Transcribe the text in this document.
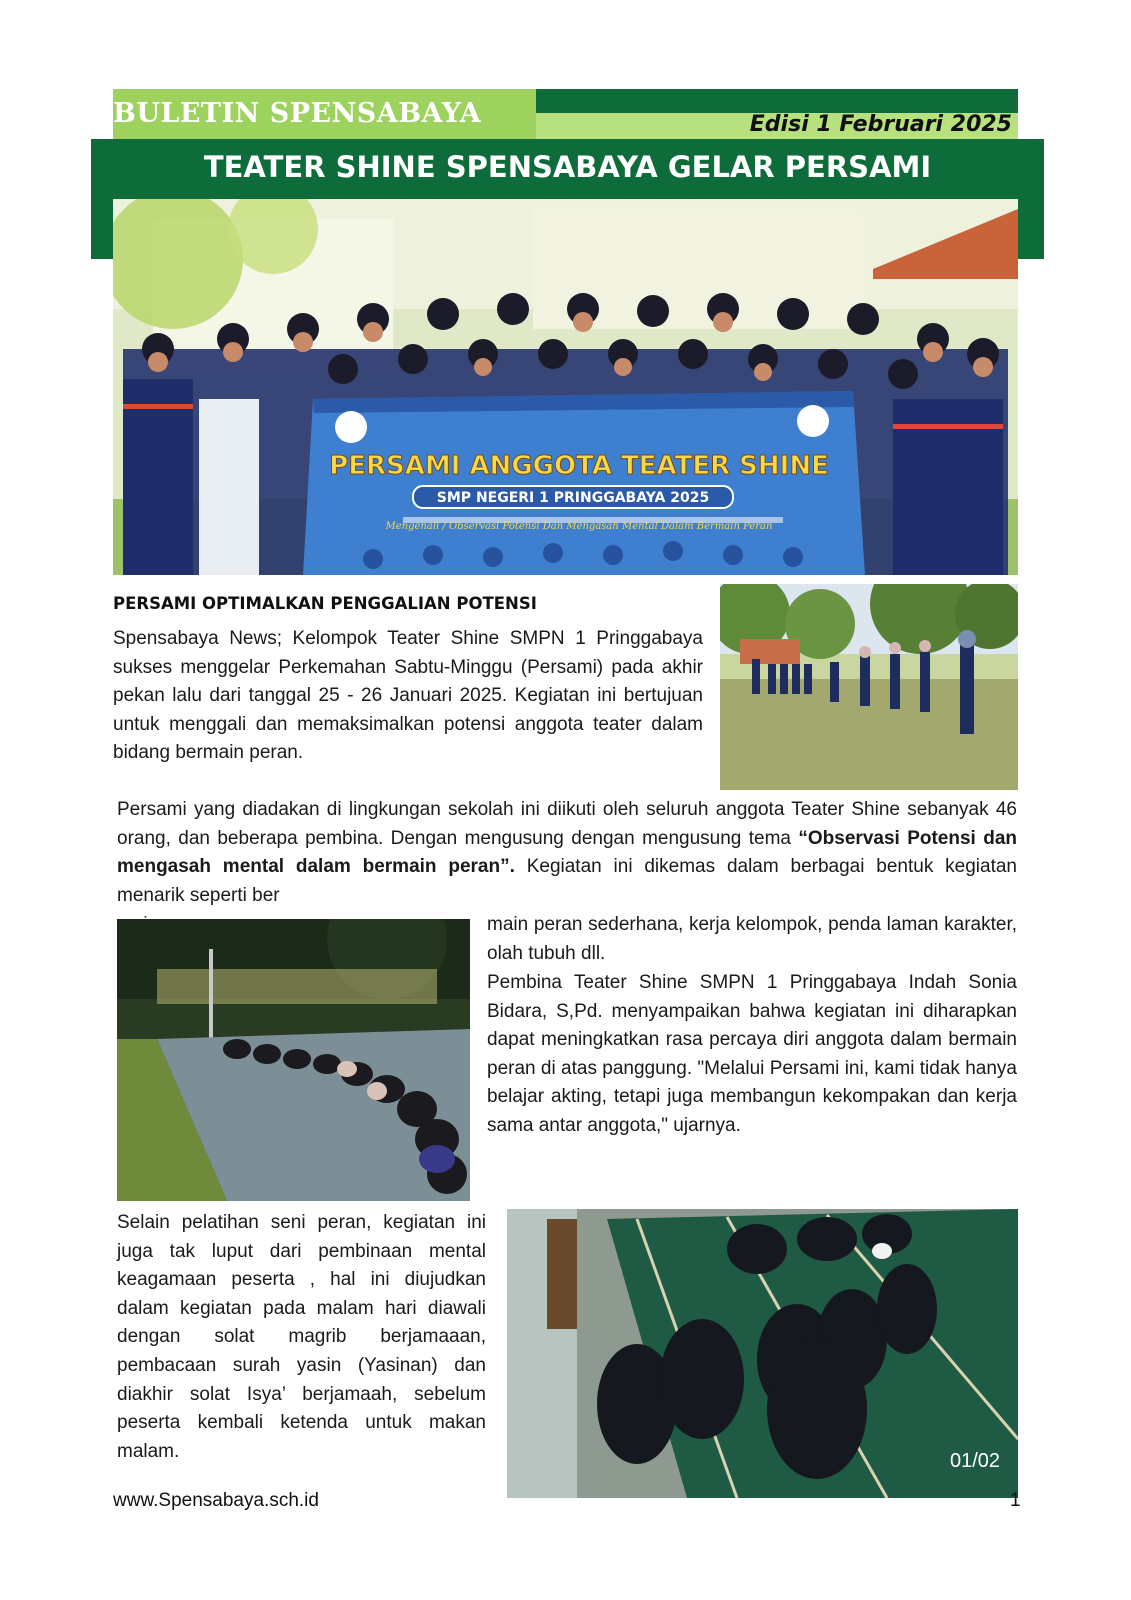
BULETIN SPENSABAYA	Edisi 1 Februari 2025
TEATER SHINE SPENSABAYA GELAR PERSAMI
PERSAMI ANGGOTA TEATER SHINE
SMP NEGERI 1 PRINGGABAYA 2025
Mengenali / Observasi Potensi Dan Mengasah Mental Dalam Bermain Peran
PERSAMI OPTIMALKAN PENGGALIAN POTENSI

Spensabaya News; Kelompok Teater Shine SMPN 1 Pringgabaya sukses menggelar Perkemahan Sabtu-Minggu (Persami) pada akhir pekan lalu dari tanggal 25 - 26 Januari 2025. Kegiatan ini bertujuan untuk menggali dan memaksimalkan potensi anggota teater dalam bidang bermain peran.

Persami yang diadakan di lingkungan sekolah ini diikuti oleh seluruh anggota Teater Shine sebanyak 46 orang, dan beberapa pembina. Dengan mengusung dengan mengusung tema “Observasi Potensi dan mengasah mental dalam bermain peran”. Kegiatan ini dikemas dalam berbagai bentuk kegiatan menarik seperti ber

main peran sederhana, kerja kelompok, penda laman karakter, olah tubuh dll.

Pembina Teater Shine SMPN 1 Pringgabaya Indah Sonia Bidara, S,Pd. menyampaikan bahwa kegiatan ini diharapkan dapat meningkatkan rasa percaya diri anggota dalam bermain peran di atas panggung. "Melalui Persami ini, kami tidak hanya belajar akting, tetapi juga membangun kekompakan dan kerja sama antar anggota," ujarnya.

Selain pelatihan seni peran, kegiatan ini juga tak luput dari pembinaan mental keagamaan peserta , hal ini diujudkan dalam kegiatan pada malam hari diawali dengan solat magrib berjamaaan, pembacaan surah yasin (Yasinan) dan diakhir solat Isya’ berjamaah, sebelum peserta kembali ketenda untuk makan malam.	01/02
www.Spensabaya.sch.id	1
